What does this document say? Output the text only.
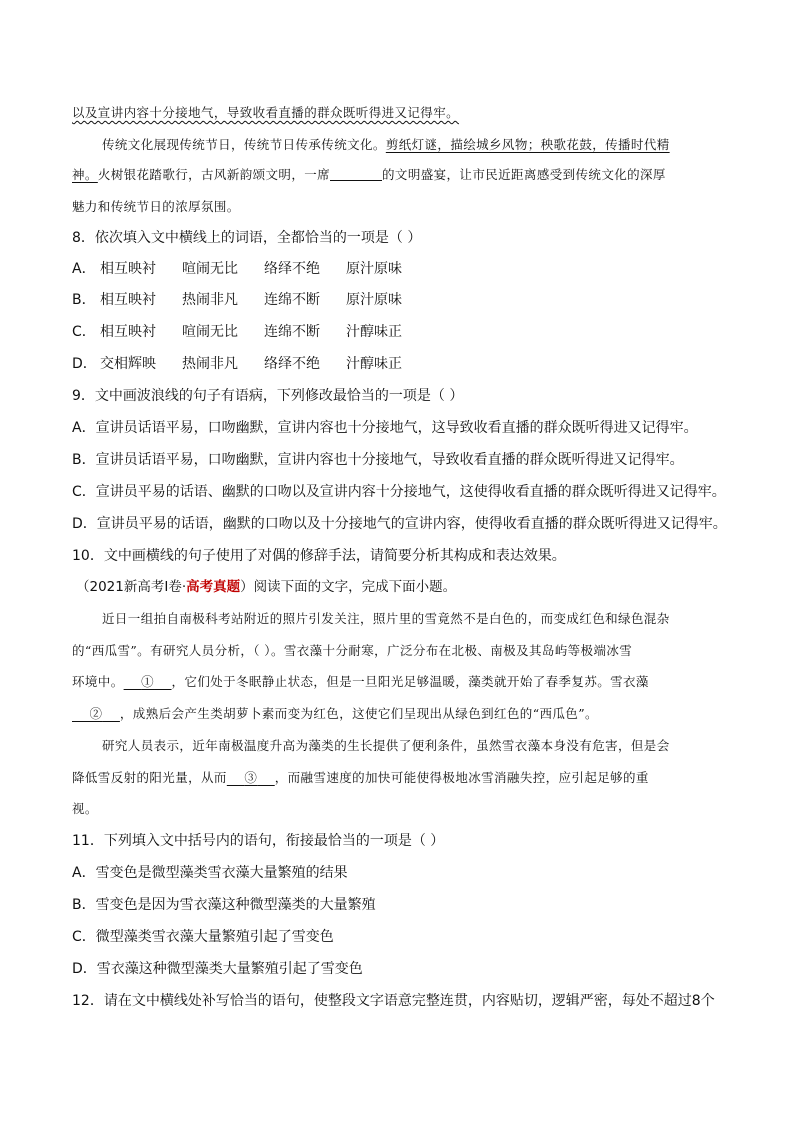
以及宣讲内容十分接地气，导致收看直播的群众既听得进又记得牢。
传统文化展现传统节日，传统节日传承传统文化。剪纸灯谜，描绘城乡风物；秧歌花鼓，传播时代精
神。火树银花踏歌行，古风新韵颂文明，一席	的文明盛宴，让市民近距离感受到传统文化的深厚
魅力和传统节日的浓厚氛围。
8．依次填入文中横线上的词语，全都恰当的一项是（ ）
A． 相互映衬 喧闹无比 络绎不绝 原汁原味
B． 相互映衬 热闹非凡 连绵不断 原汁原味
C． 相互映衬 喧闹无比 连绵不断 汁醇味正
D． 交相辉映 热闹非凡 络绎不绝 汁醇味正
9．文中画波浪线的句子有语病，下列修改最恰当的一项是（ ）
A．宣讲员话语平易，口吻幽默，宣讲内容也十分接地气，这导致收看直播的群众既听得进又记得牢。
B．宣讲员话语平易，口吻幽默，宣讲内容也十分接地气，导致收看直播的群众既听得进又记得牢。
C．宣讲员平易的话语、幽默的口吻以及宣讲内容十分接地气，这使得收看直播的群众既听得进又记得牢。
D．宣讲员平易的话语，幽默的口吻以及十分接地气的宣讲内容，使得收看直播的群众既听得进又记得牢。
10．文中画横线的句子使用了对偶的修辞手法，请简要分析其构成和表达效果。
（2021新高考Ⅰ卷·高考真题）阅读下面的文字，完成下面小题。
近日一组拍自南极科考站附近的照片引发关注，照片里的雪竟然不是白色的，而变成红色和绿色混杂
的“西瓜雪”。有研究人员分析，（ ）。雪衣藻十分耐寒，广泛分布在北极、南极及其岛屿等极端冰雪
环境中。 ① ，它们处于冬眠静止状态，但是一旦阳光足够温暖，藻类就开始了春季复苏。雪衣藻
② ，成熟后会产生类胡萝卜素而变为红色，这使它们呈现出从绿色到红色的“西瓜色”。
研究人员表示，近年南极温度升高为藻类的生长提供了便利条件，虽然雪衣藻本身没有危害，但是会
降低雪反射的阳光量，从而 ③ ，而融雪速度的加快可能使得极地冰雪消融失控，应引起足够的重
视。
11．下列填入文中括号内的语句，衔接最恰当的一项是（ ）
A．雪变色是微型藻类雪衣藻大量繁殖的结果
B．雪变色是因为雪衣藻这种微型藻类的大量繁殖
C．微型藻类雪衣藻大量繁殖引起了雪变色
D．雪衣藻这种微型藻类大量繁殖引起了雪变色
12．请在文中横线处补写恰当的语句，使整段文字语意完整连贯，内容贴切，逻辑严密，每处不超过8个
